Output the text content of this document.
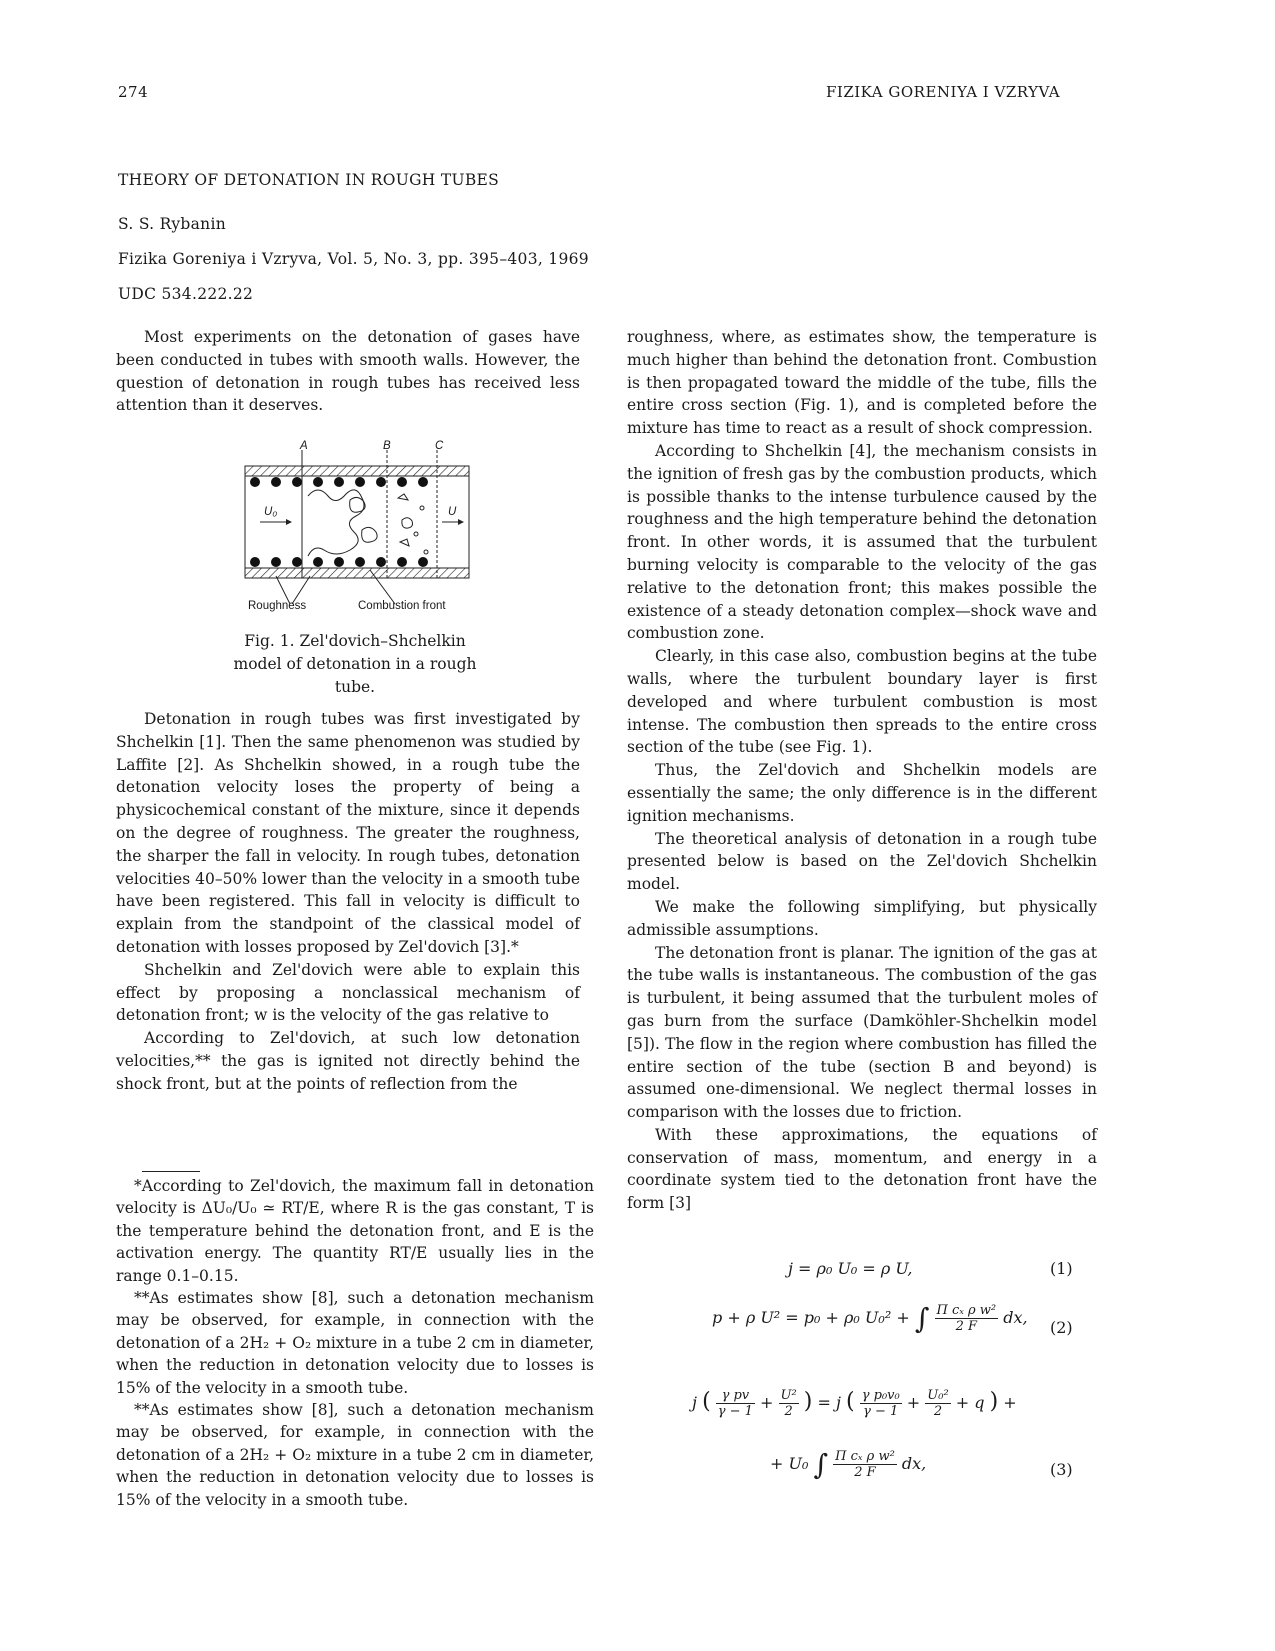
274	FIZIKA GORENIYA I VZRYVA
THEORY OF DETONATION IN ROUGH TUBES
S. S. Rybanin
Fizika Goreniya i Vzryva, Vol. 5, No. 3, pp. 395–403, 1969
UDC 534.222.22

Most experiments on the detonation of gases have been conducted in tubes with smooth walls. However, the question of detonation in rough tubes has received less attention than it deserves.

A	B	C
U₀	U
Roughness	Combustion front
Fig. 1. Zel'dovich–Shchelkin model of detonation in a rough tube.

Detonation in rough tubes was first investigated by Shchelkin [1]. Then the same phenomenon was studied by Laffite [2]. As Shchelkin showed, in a rough tube the detonation velocity loses the property of being a physicochemical constant of the mixture, since it depends on the degree of roughness. The greater the roughness, the sharper the fall in velocity. In rough tubes, detonation velocities 40–50% lower than the velocity in a smooth tube have been registered. This fall in velocity is difficult to explain from the standpoint of the classical model of detonation with losses proposed by Zel'dovich [3].*

Shchelkin and Zel'dovich were able to explain this effect by proposing a nonclassical mechanism of detonation front; w is the velocity of the gas relative to

According to Zel'dovich, at such low detonation velocities,** the gas is ignited not directly behind the shock front, but at the points of reflection from the

*According to Zel'dovich, the maximum fall in detonation velocity is ΔU₀/U₀ ≃ RT/E, where R is the gas constant, T is the temperature behind the detonation front, and E is the activation energy. The quantity RT/E usually lies in the range 0.1–0.15.

**As estimates show [8], such a detonation mechanism may be observed, for example, in connection with the detonation of a 2H₂ + O₂ mixture in a tube 2 cm in diameter, when the reduction in detonation velocity due to losses is 15% of the velocity in a smooth tube.

**As estimates show [8], such a detonation mechanism may be observed, for example, in connection with the detonation of a 2H₂ + O₂ mixture in a tube 2 cm in diameter, when the reduction in detonation velocity due to losses is 15% of the velocity in a smooth tube.

roughness, where, as estimates show, the temperature is much higher than behind the detonation front. Combustion is then propagated toward the middle of the tube, fills the entire cross section (Fig. 1), and is completed before the mixture has time to react as a result of shock compression.

According to Shchelkin [4], the mechanism consists in the ignition of fresh gas by the combustion products, which is possible thanks to the intense turbulence caused by the roughness and the high temperature behind the detonation front. In other words, it is assumed that the turbulent burning velocity is comparable to the velocity of the gas relative to the detonation front; this makes possible the existence of a steady detonation complex—shock wave and combustion zone.

Clearly, in this case also, combustion begins at the tube walls, where the turbulent boundary layer is first developed and where turbulent combustion is most intense. The combustion then spreads to the entire cross section of the tube (see Fig. 1).

Thus, the Zel'dovich and Shchelkin models are essentially the same; the only difference is in the different ignition mechanisms.

The theoretical analysis of detonation in a rough tube presented below is based on the Zel'dovich Shchelkin model.

We make the following simplifying, but physically admissible assumptions.

The detonation front is planar. The ignition of the gas at the tube walls is instantaneous. The combustion of the gas is turbulent, it being assumed that the turbulent moles of gas burn from the surface (Damköhler-Shchelkin model [5]). The flow in the region where combustion has filled the entire section of the tube (section B and beyond) is assumed one-dimensional. We neglect thermal losses in comparison with the losses due to friction.

With these approximations, the equations of conservation of mass, momentum, and energy in a coordinate system tied to the detonation front have the form [3]

j = ρ₀ U₀ = ρ U,	(1)
p + ρ U² = p₀ + ρ₀ U₀² + ∫ $\frac{\text{Π cₓ ρ w²}}{2 F}$ dx,
(2)
j ( $\frac{\text{γ pv}}{\gamma - 1} + \frac{\text{U²}}{2}$ ) = j ( $\frac{\text{γ p₀v₀}}{\gamma - 1} + \frac{\text{U₀²}}{2} + q$ ) +
+ U₀ ∫ $\frac{\text{Π cₓ ρ w²}}{2 F}$ dx,	(3)
